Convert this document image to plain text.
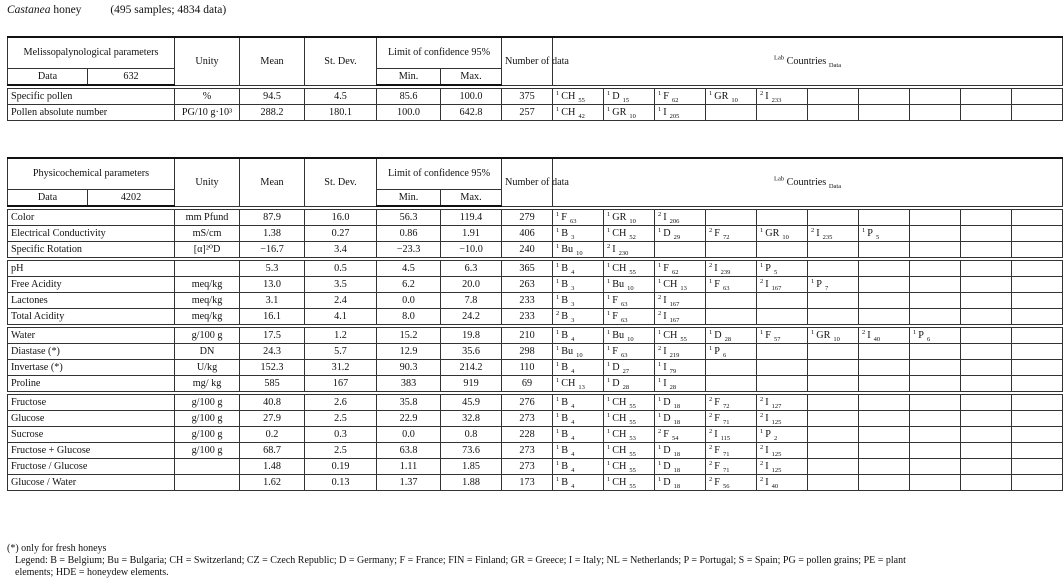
Castanea honey	(495 samples; 4834 data)
Melissopalynological parameters		Unity	Mean	St. Dev.	Limit of confidence 95%		Number of data	$^{Lab}$ Countries $_{Data}$
Data	632				Min.	Max.											

Specific pollen		%	94.5	4.5	85.6	100.0	375	$^1$ CH $_{55}$	$^1$ D $_{15}$	$^1$ F $_{62}$	$^1$ GR $_{10}$	$^2$ I $_{233}$					
Pollen absolute number		PG/10 g·10³	288.2	180.1	100.0	642.8	257	$^1$ CH $_{42}$	$^1$ GR $_{10}$	$^1$ I $_{205}$							
Physicochemical parameters		Unity	Mean	St. Dev.	Limit of confidence 95%		Number of data	$^{Lab}$ Countries $_{Data}$
Data	4202				Min.	Max.											

Color		mm Pfund	87.9	16.0	56.3	119.4	279	$^1$ F $_{63}$	$^1$ GR $_{10}$	$^2$ I $_{206}$							
Electrical Conductivity		mS/cm	1.38	0.27	0.86	1.91	406	$^1$ B $_3$	$^1$ CH $_{52}$	$^1$ D $_{29}$	$^2$ F $_{72}$	$^1$ GR $_{10}$	$^2$ I $_{235}$	$^1$ P $_5$			
Specific Rotation		[α]²⁰D	−16.7	3.4	−23.3	−10.0	240	$^1$ Bu $_{10}$	$^2$ I $_{230}$								

pH			5.3	0.5	4.5	6.3	365	$^1$ B $_4$	$^1$ CH $_{55}$	$^1$ F $_{62}$	$^2$ I $_{239}$	$^1$ P $_5$					
Free Acidity		meq/kg	13.0	3.5	6.2	20.0	263	$^1$ B $_3$	$^1$ Bu $_{10}$	$^1$ CH $_{13}$	$^1$ F $_{63}$	$^2$ I $_{167}$	$^1$ P $_7$				
Lactones		meq/kg	3.1	2.4	0.0	7.8	233	$^1$ B $_3$	$^1$ F $_{63}$	$^2$ I $_{167}$							
Total Acidity		meq/kg	16.1	4.1	8.0	24.2	233	$^2$ B $_3$	$^1$ F $_{63}$	$^2$ I $_{167}$							

Water		g/100 g	17.5	1.2	15.2	19.8	210	$^1$ B $_4$	$^1$ Bu $_{10}$	$^1$ CH $_{55}$	$^1$ D $_{28}$	$^1$ F $_{57}$	$^1$ GR $_{10}$	$^2$ I $_{40}$	$^1$ P $_6$		
Diastase (*)		DN	24.3	5.7	12.9	35.6	298	$^1$ Bu $_{10}$	$^1$ F $_{63}$	$^2$ I $_{219}$	$^1$ P $_6$						
Invertase (*)		U/kg	152.3	31.2	90.3	214.2	110	$^1$ B $_4$	$^1$ D $_{27}$	$^1$ I $_{79}$							
Proline		mg/ kg	585	167	383	919	69	$^1$ CH $_{13}$	$^1$ D $_{28}$	$^1$ I $_{28}$							

Fructose		g/100 g	40.8	2.6	35.8	45.9	276	$^1$ B $_4$	$^1$ CH $_{55}$	$^1$ D $_{18}$	$^2$ F $_{72}$	$^2$ I $_{127}$					
Glucose		g/100 g	27.9	2.5	22.9	32.8	273	$^1$ B $_4$	$^1$ CH $_{55}$	$^1$ D $_{18}$	$^2$ F $_{71}$	$^2$ I $_{125}$					
Sucrose		g/100 g	0.2	0.3	0.0	0.8	228	$^1$ B $_4$	$^1$ CH $_{53}$	$^2$ F $_{54}$	$^2$ I $_{115}$	$^1$ P $_2$					
Fructose + Glucose		g/100 g	68.7	2.5	63.8	73.6	273	$^1$ B $_4$	$^1$ CH $_{55}$	$^1$ D $_{18}$	$^2$ F $_{71}$	$^2$ I $_{125}$					
Fructose / Glucose			1.48	0.19	1.11	1.85	273	$^1$ B $_4$	$^1$ CH $_{55}$	$^1$ D $_{18}$	$^2$ F $_{71}$	$^2$ I $_{125}$					
Glucose / Water			1.62	0.13	1.37	1.88	173	$^1$ B $_4$	$^1$ CH $_{55}$	$^1$ D $_{18}$	$^2$ F $_{56}$	$^2$ I $_{40}$					
(*) only for fresh honeys
Legend: B = Belgium; Bu = Bulgaria; CH = Switzerland; CZ = Czech Republic; D = Germany; F = France; FIN = Finland; GR = Greece; I = Italy; NL = Netherlands; P = Portugal; S = Spain; PG = pollen grains; PE = plant
elements; HDE = honeydew elements.
